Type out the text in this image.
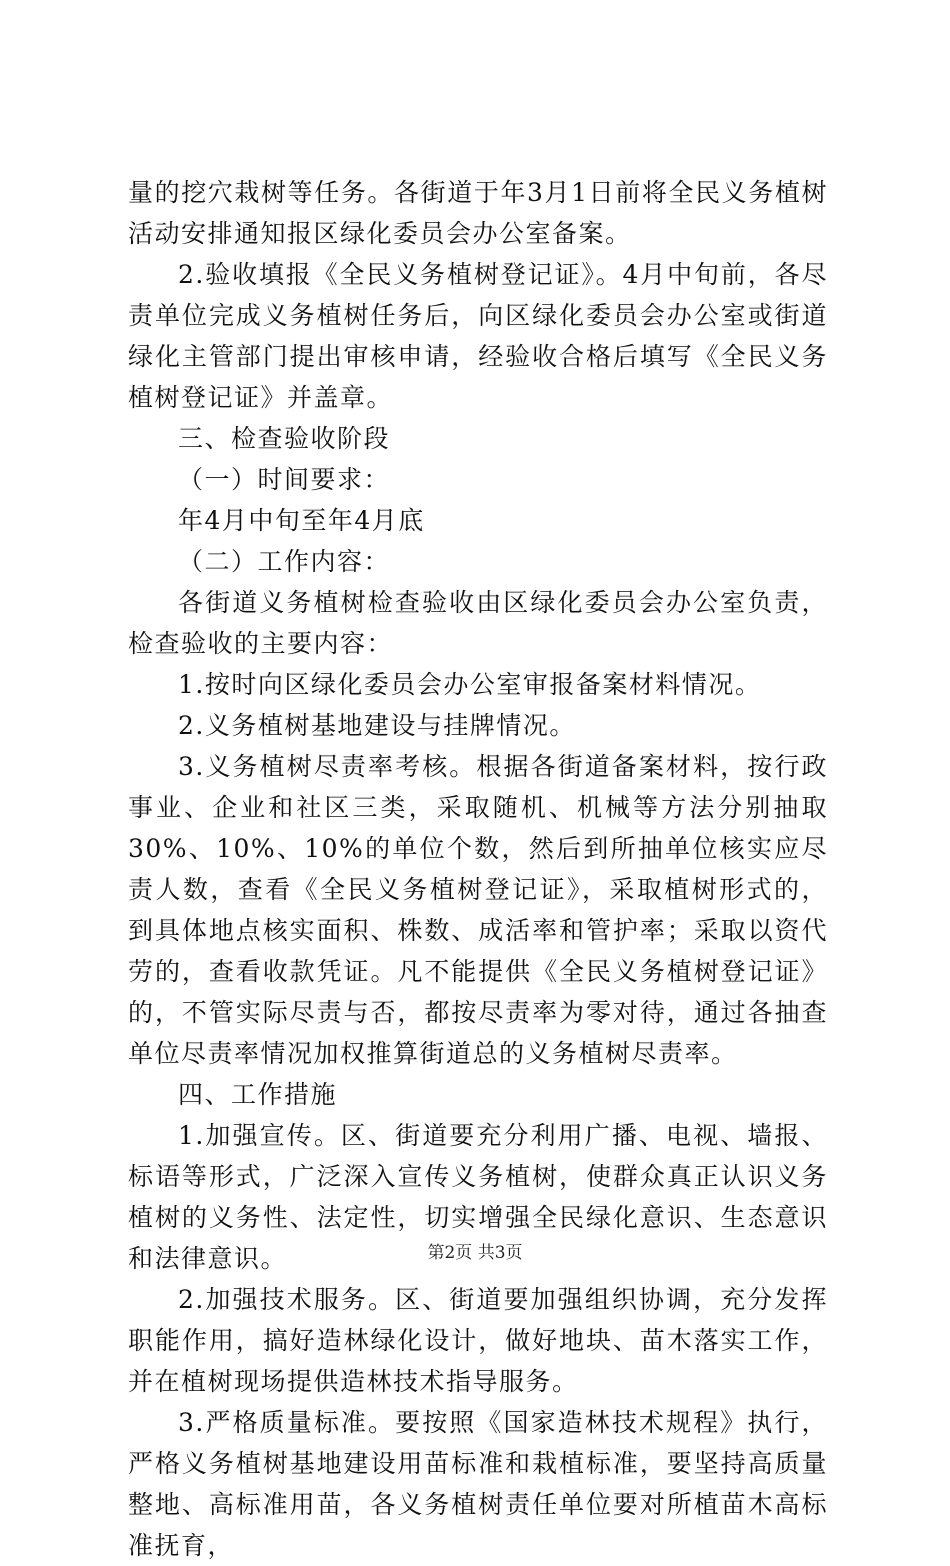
量的挖穴栽树等任务。各街道于年3月1日前将全民义务植树活动安排通知报区绿化委员会办公室备案。

2.验收填报《全民义务植树登记证》。4月中旬前，各尽责单位完成义务植树任务后，向区绿化委员会办公室或街道绿化主管部门提出审核申请，经验收合格后填写《全民义务植树登记证》并盖章。

三、检查验收阶段

（一）时间要求：

年4月中旬至年4月底

（二）工作内容：

各街道义务植树检查验收由区绿化委员会办公室负责，检查验收的主要内容：

1.按时向区绿化委员会办公室审报备案材料情况。

2.义务植树基地建设与挂牌情况。

3.义务植树尽责率考核。根据各街道备案材料，按行政事业、企业和社区三类，采取随机、机械等方法分别抽取30%、10%、10%的单位个数，然后到所抽单位核实应尽责人数，查看《全民义务植树登记证》，采取植树形式的，到具体地点核实面积、株数、成活率和管护率；采取以资代劳的，查看收款凭证。凡不能提供《全民义务植树登记证》的，不管实际尽责与否，都按尽责率为零对待，通过各抽查单位尽责率情况加权推算街道总的义务植树尽责率。

四、工作措施

1.加强宣传。区、街道要充分利用广播、电视、墙报、标语等形式，广泛深入宣传义务植树，使群众真正认识义务植树的义务性、法定性，切实增强全民绿化意识、生态意识和法律意识。

2.加强技术服务。区、街道要加强组织协调，充分发挥职能作用，搞好造林绿化设计，做好地块、苗木落实工作，并在植树现场提供造林技术指导服务。

3.严格质量标准。要按照《国家造林技术规程》执行，严格义务植树基地建设用苗标准和栽植标准，要坚持高质量整地、高标准用苗，各义务植树责任单位要对所植苗木高标准抚育，

第2页 共3页
